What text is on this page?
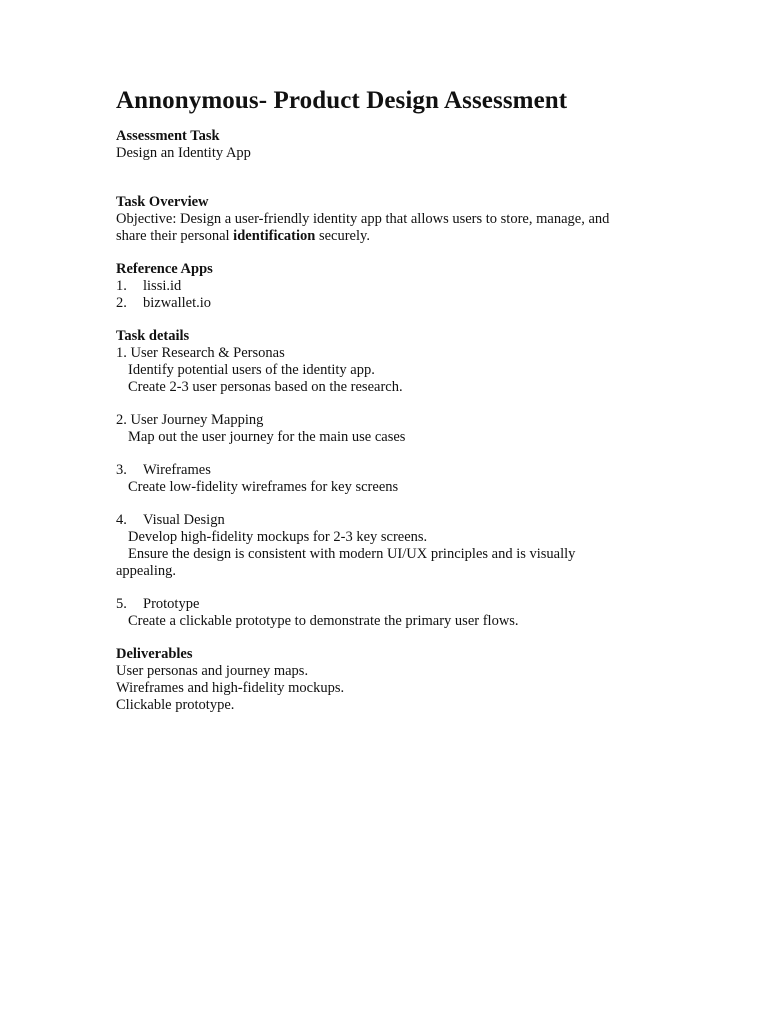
Annonymous- Product Design Assessment

Assessment Task

Design an Identity App

Task Overview

Objective: Design a user-friendly identity app that allows users to store, manage, and

share their personal identification securely.

Reference Apps

1.	lissi.id
2.	bizwallet.io

Task details

1. User Research & Personas

Identify potential users of the identity app.

Create 2-3 user personas based on the research.

2. User Journey Mapping

Map out the user journey for the main use cases

3.	Wireframes

Create low-fidelity wireframes for key screens

4.	Visual Design

Develop high-fidelity mockups for 2-3 key screens.

Ensure the design is consistent with modern UI/UX principles and is visually

appealing.

5.	Prototype

Create a clickable prototype to demonstrate the primary user flows.

Deliverables

User personas and journey maps.

Wireframes and high-fidelity mockups.

Clickable prototype.
